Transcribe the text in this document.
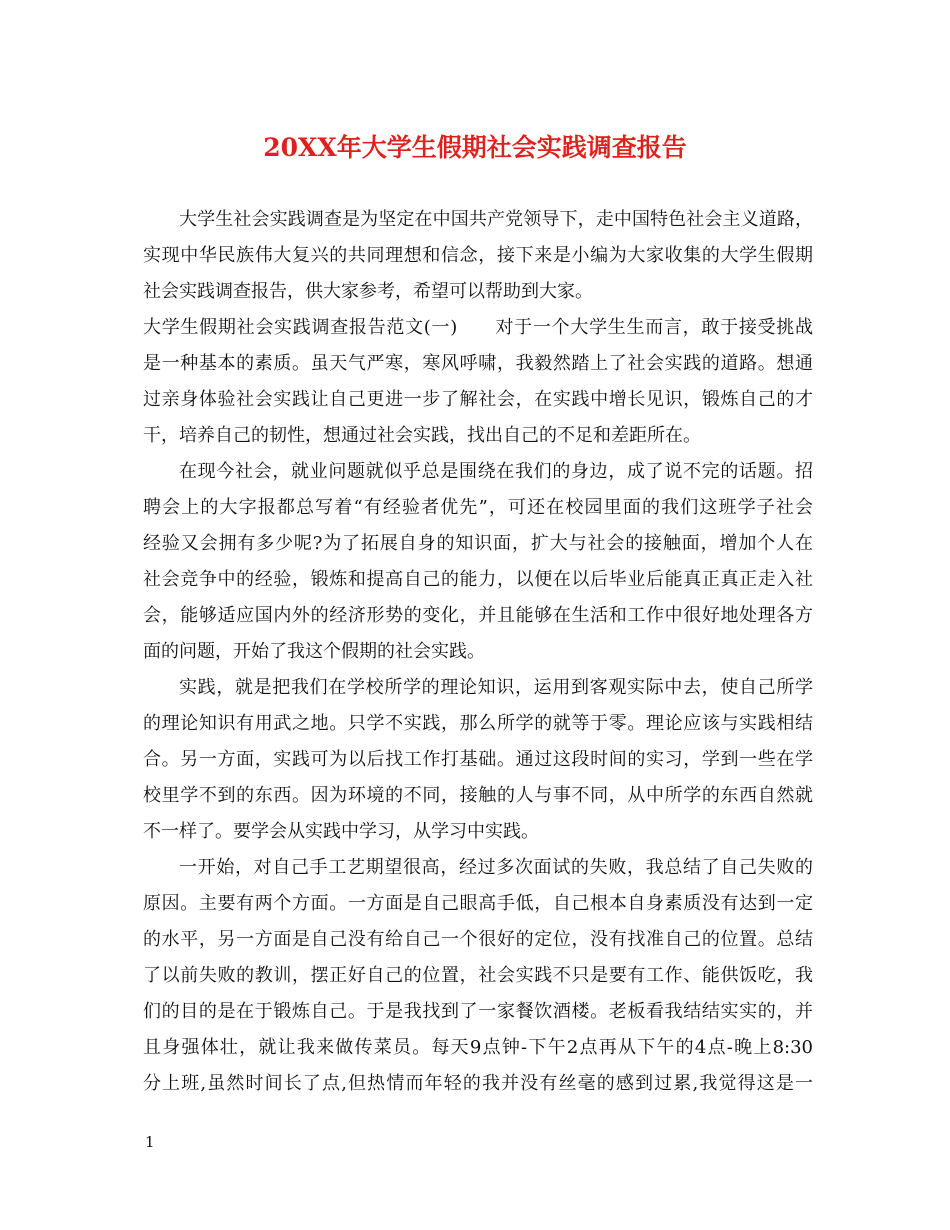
20XX年大学生假期社会实践调查报告
大学生社会实践调查是为坚定在中国共产党领导下，走中国特色社会主义道路，
实现中华民族伟大复兴的共同理想和信念，接下来是小编为大家收集的大学生假期
社会实践调查报告，供大家参考，希望可以帮助到大家。
大学生假期社会实践调查报告范文(一)　　对于一个大学生生而言，敢于接受挑战
是一种基本的素质。虽天气严寒，寒风呼啸，我毅然踏上了社会实践的道路。想通
过亲身体验社会实践让自己更进一步了解社会，在实践中增长见识，锻炼自己的才
干，培养自己的韧性，想通过社会实践，找出自己的不足和差距所在。
在现今社会，就业问题就似乎总是围绕在我们的身边，成了说不完的话题。招
聘会上的大字报都总写着“有经验者优先”，可还在校园里面的我们这班学子社会
经验又会拥有多少呢?为了拓展自身的知识面，扩大与社会的接触面，增加个人在
社会竞争中的经验，锻炼和提高自己的能力，以便在以后毕业后能真正真正走入社
会，能够适应国内外的经济形势的变化，并且能够在生活和工作中很好地处理各方
面的问题，开始了我这个假期的社会实践。
实践，就是把我们在学校所学的理论知识，运用到客观实际中去，使自己所学
的理论知识有用武之地。只学不实践，那么所学的就等于零。理论应该与实践相结
合。另一方面，实践可为以后找工作打基础。通过这段时间的实习，学到一些在学
校里学不到的东西。因为环境的不同，接触的人与事不同，从中所学的东西自然就
不一样了。要学会从实践中学习，从学习中实践。
一开始，对自己手工艺期望很高，经过多次面试的失败，我总结了自己失败的
原因。主要有两个方面。一方面是自己眼高手低，自己根本自身素质没有达到一定
的水平，另一方面是自己没有给自己一个很好的定位，没有找准自己的位置。总结
了以前失败的教训，摆正好自己的位置，社会实践不只是要有工作、能供饭吃，我
们的目的是在于锻炼自己。于是我找到了一家餐饮酒楼。老板看我结结实实的，并
且身强体壮，就让我来做传菜员。每天9点钟-下午2点再从下午的4点-晚上8:30
分上班,虽然时间长了点,但热情而年轻的我并没有丝毫的感到过累,我觉得这是一
1
